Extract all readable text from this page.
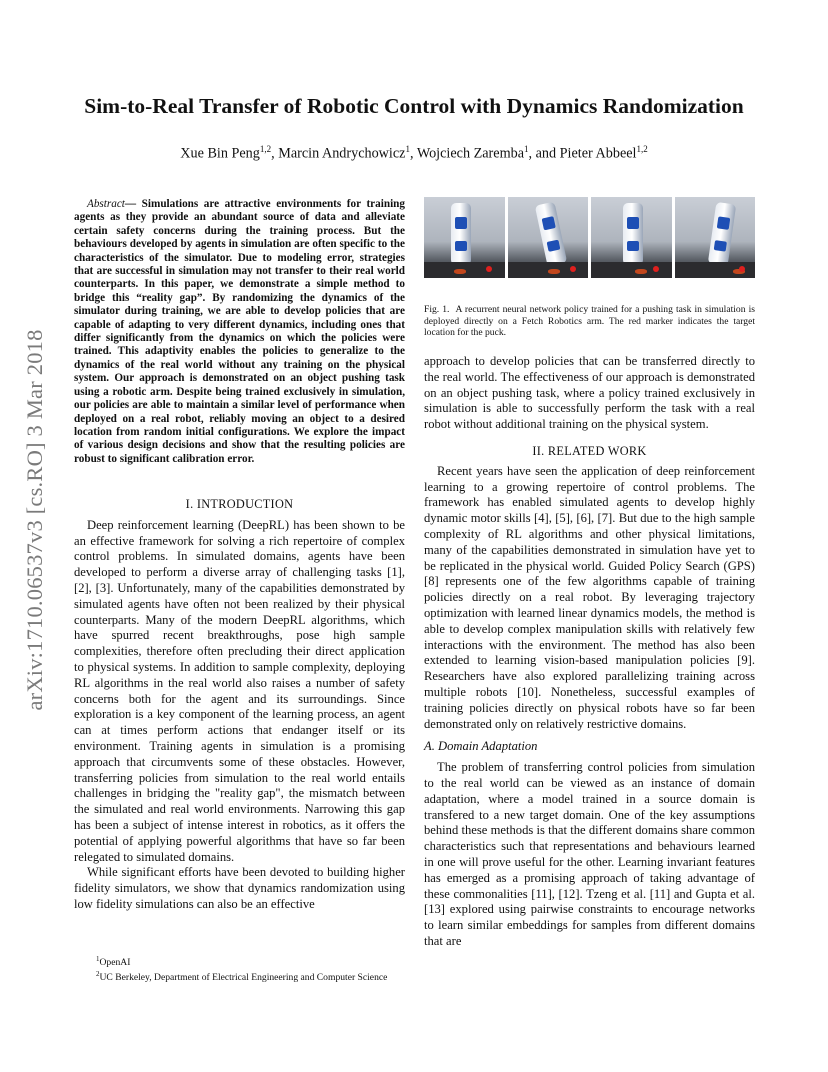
arXiv:1710.06537v3 [cs.RO] 3 Mar 2018
Sim-to-Real Transfer of Robotic Control with Dynamics Randomization
Xue Bin Peng$^{1,2}$, Marcin Andrychowicz$^1$, Wojciech Zaremba$^1$, and Pieter Abbeel$^{1,2}$

Abstract— Simulations are attractive environments for training agents as they provide an abundant source of data and alleviate certain safety concerns during the training process. But the behaviours developed by agents in simulation are often specific to the characteristics of the simulator. Due to modeling error, strategies that are successful in simulation may not transfer to their real world counterparts. In this paper, we demonstrate a simple method to bridge this “reality gap”. By randomizing the dynamics of the simulator during training, we are able to develop policies that are capable of adapting to very different dynamics, including ones that differ significantly from the dynamics on which the policies were trained. This adaptivity enables the policies to generalize to the dynamics of the real world without any training on the physical system. Our approach is demonstrated on an object pushing task using a robotic arm. Despite being trained exclusively in simulation, our policies are able to maintain a similar level of performance when deployed on a real robot, reliably moving an object to a desired location from random initial configurations. We explore the impact of various design decisions and show that the resulting policies are robust to significant calibration error.

I. INTRODUCTION

Deep reinforcement learning (DeepRL) has been shown to be an effective framework for solving a rich repertoire of complex control problems. In simulated domains, agents have been developed to perform a diverse array of challenging tasks [1], [2], [3]. Unfortunately, many of the capabilities demonstrated by simulated agents have often not been realized by their physical counterparts. Many of the modern DeepRL algorithms, which have spurred recent breakthroughs, pose high sample complexities, therefore often precluding their direct application to physical systems. In addition to sample complexity, deploying RL algorithms in the real world also raises a number of safety concerns both for the agent and its surroundings. Since exploration is a key component of the learning process, an agent can at times perform actions that endanger itself or its environment. Training agents in simulation is a promising approach that circumvents some of these obstacles. However, transferring policies from simulation to the real world entails challenges in bridging the "reality gap", the mismatch between the simulated and real world environments. Narrowing this gap has been a subject of intense interest in robotics, as it offers the potential of applying powerful algorithms that have so far been relegated to simulated domains.

While significant efforts have been devoted to building higher fidelity simulators, we show that dynamics randomization using low fidelity simulations can also be an effective

$^1$OpenAI
$^2$UC Berkeley, Department of Electrical Engineering and Computer Science
Fig. 1. A recurrent neural network policy trained for a pushing task in simulation is deployed directly on a Fetch Robotics arm. The red marker indicates the target location for the puck.

approach to develop policies that can be transferred directly to the real world. The effectiveness of our approach is demonstrated on an object pushing task, where a policy trained exclusively in simulation is able to successfully perform the task with a real robot without additional training on the physical system.

II. RELATED WORK

Recent years have seen the application of deep reinforcement learning to a growing repertoire of control problems. The framework has enabled simulated agents to develop highly dynamic motor skills [4], [5], [6], [7]. But due to the high sample complexity of RL algorithms and other physical limitations, many of the capabilities demonstrated in simulation have yet to be replicated in the physical world. Guided Policy Search (GPS) [8] represents one of the few algorithms capable of training policies directly on a real robot. By leveraging trajectory optimization with learned linear dynamics models, the method is able to develop complex manipulation skills with relatively few interactions with the environment. The method has also been extended to learning vision-based manipulation policies [9]. Researchers have also explored parallelizing training across multiple robots [10]. Nonetheless, successful examples of training policies directly on physical robots have so far been demonstrated only on relatively restrictive domains.

A. Domain Adaptation

The problem of transferring control policies from simulation to the real world can be viewed as an instance of domain adaptation, where a model trained in a source domain is transfered to a new target domain. One of the key assumptions behind these methods is that the different domains share common characteristics such that representations and behaviours learned in one will prove useful for the other. Learning invariant features has emerged as a promising approach of taking advantage of these commonalities [11], [12]. Tzeng et al. [11] and Gupta et al. [13] explored using pairwise constraints to encourage networks to learn similar embeddings for samples from different domains that are
